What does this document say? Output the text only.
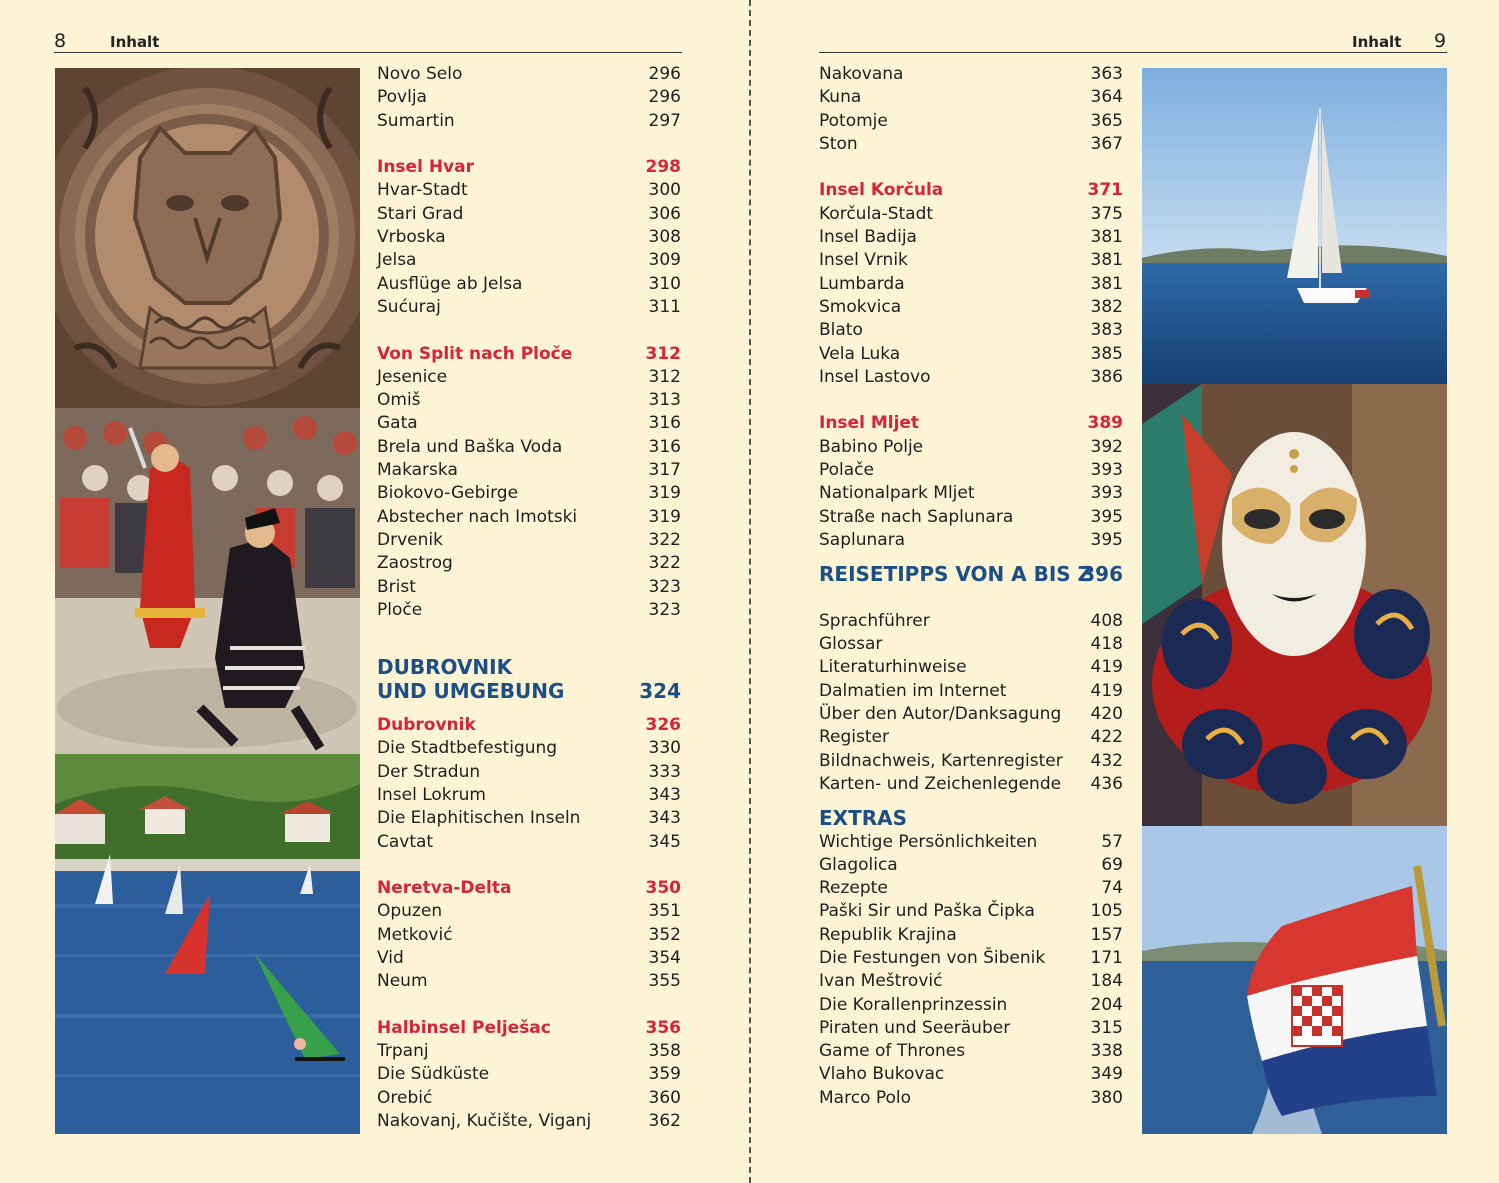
8	Inhalt
Novo Selo	296
Povlja	296
Sumartin	297
Insel Hvar	298
Hvar-Stadt	300
Stari Grad	306
Vrboska	308
Jelsa	309
Ausflüge ab Jelsa	310
Sućuraj	311
Von Split nach Ploče	312
Jesenice	312
Omiš	313
Gata	316
Brela und Baška Voda	316
Makarska	317
Biokovo-Gebirge	319
Abstecher nach Imotski	319
Drvenik	322
Zaostrog	322
Brist	323
Ploče	323
DUBROVNIK
UND UMGEBUNG	324
Dubrovnik	326
Die Stadtbefestigung	330
Der Stradun	333
Insel Lokrum	343
Die Elaphitischen Inseln	343
Cavtat	345
Neretva-Delta	350
Opuzen	351
Metković	352
Vid	354
Neum	355
Halbinsel Pelješac	356
Trpanj	358
Die Südküste	359
Orebić	360
Nakovanj, Kučište, Viganj	362
Inhalt 9
Nakovana	363
Kuna	364
Potomje	365
Ston	367
Insel Korčula	371
Korčula-Stadt	375
Insel Badija	381
Insel Vrnik	381
Lumbarda	381
Smokvica	382
Blato	383
Vela Luka	385
Insel Lastovo	386
Insel Mljet	389
Babino Polje	392
Polače	393
Nationalpark Mljet	393
Straße nach Saplunara	395
Saplunara	395
REISETIPPS VON A BIS Z
396
Sprachführer	408
Glossar	418
Literaturhinweise	419
Dalmatien im Internet	419
Über den Autor/Danksagung 420
Register	422
Bildnachweis, Kartenregister 432
Karten- und Zeichenlegende 436
EXTRAS
Wichtige Persönlichkeiten	57
Glagolica	69
Rezepte	74
Paški Sir und Paška Čipka	105
Republik Krajina	157
Die Festungen von Šibenik	171
Ivan Meštrović	184
Die Korallenprinzessin	204
Piraten und Seeräuber	315
Game of Thrones	338
Vlaho Bukovac	349
Marco Polo	380
